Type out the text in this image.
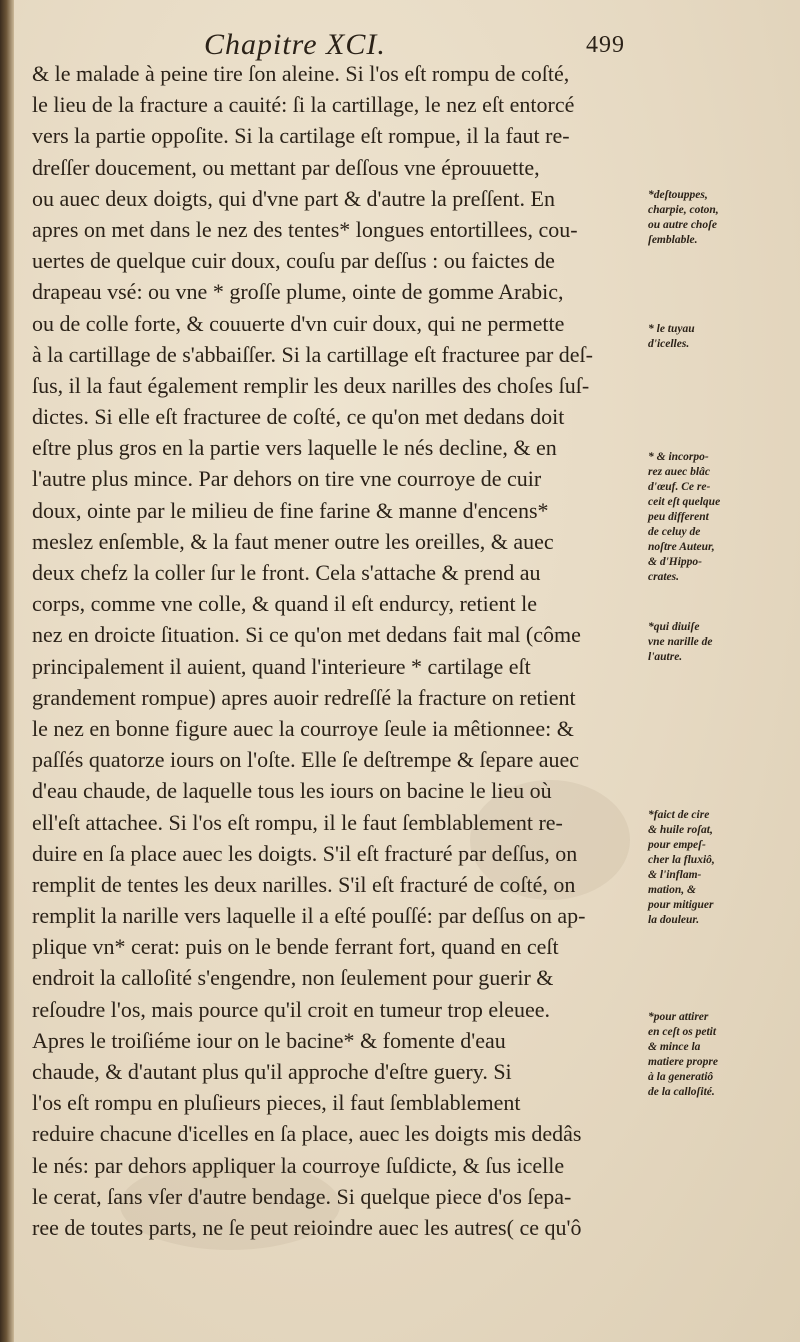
Chapitre XCI.	499
& le malade à peine tire ſon aleine. Si l'os eſt rompu de coſté,
le lieu de la fracture a cauité: ſi la cartillage, le nez eſt entorcé
vers la partie oppoſite. Si la cartilage eſt rompue, il la faut re-
dreſſer doucement, ou mettant par deſſous vne éprouuette,
ou auec deux doigts, qui d'vne part & d'autre la preſſent. En
apres on met dans le nez des tentes* longues entortillees, cou-
uertes de quelque cuir doux, couſu par deſſus : ou faictes de
drapeau vsé: ou vne * groſſe plume, ointe de gomme Arabic,
ou de colle forte, & couuerte d'vn cuir doux, qui ne permette
à la cartillage de s'abbaiſſer. Si la cartillage eſt fracturee par deſ-
ſus, il la faut également remplir les deux narilles des choſes ſuſ-
dictes. Si elle eſt fracturee de coſté, ce qu'on met dedans doit
eſtre plus gros en la partie vers laquelle le nés decline, & en
l'autre plus mince. Par dehors on tire vne courroye de cuir
doux, ointe par le milieu de fine farine & manne d'encens*
meslez enſemble, & la faut mener outre les oreilles, & auec
deux chefz la coller ſur le front. Cela s'attache & prend au
corps, comme vne colle, & quand il eſt endurcy, retient le
nez en droicte ſituation. Si ce qu'on met dedans fait mal (côme
principalement il auient, quand l'interieure * cartilage eſt
grandement rompue) apres auoir redreſſé la fracture on retient
le nez en bonne figure auec la courroye ſeule ia mêtionnee: &
paſſés quatorze iours on l'oſte. Elle ſe deſtrempe & ſepare auec
d'eau chaude, de laquelle tous les iours on bacine le lieu où
ell'eſt attachee. Si l'os eſt rompu, il le faut ſemblablement re-
duire en ſa place auec les doigts. S'il eſt fracturé par deſſus, on
remplit de tentes les deux narilles. S'il eſt fracturé de coſté, on
remplit la narille vers laquelle il a eſté pouſſé: par deſſus on ap-
plique vn* cerat: puis on le bende ferrant fort, quand en ceſt
endroit la calloſité s'engendre, non ſeulement pour guerir &
reſoudre l'os, mais pource qu'il croit en tumeur trop eleuee.
Apres le troiſiéme iour on le bacine* & fomente d'eau
chaude, & d'autant plus qu'il approche d'eſtre guery. Si
l'os eſt rompu en pluſieurs pieces, il faut ſemblablement
reduire chacune d'icelles en ſa place, auec les doigts mis dedâs
le nés: par dehors appliquer la courroye ſuſdicte, & ſus icelle
le cerat, ſans vſer d'autre bendage. Si quelque piece d'os ſepa-
ree de toutes parts, ne ſe peut reioindre auec les autres( ce qu'ô
*deſtouppes,
charpie, coton,
ou autre choſe
ſemblable.
* le tuyau
d'icelles.
* & incorpo-
rez auec blâc
d'œuf. Ce re-
ceit eſt quelque
peu different
de celuy de
noſtre Auteur,
& d'Hippo-
crates.
*qui diuiſe
vne narille de
l'autre.
*faict de cire
& huile roſat,
pour empeſ-
cher la fluxiô,
& l'inflam-
mation, &
pour mitiguer
la douleur.
*pour attirer
en ceſt os petit
& mince la
matiere propre
à la generatiô
de la calloſité.
